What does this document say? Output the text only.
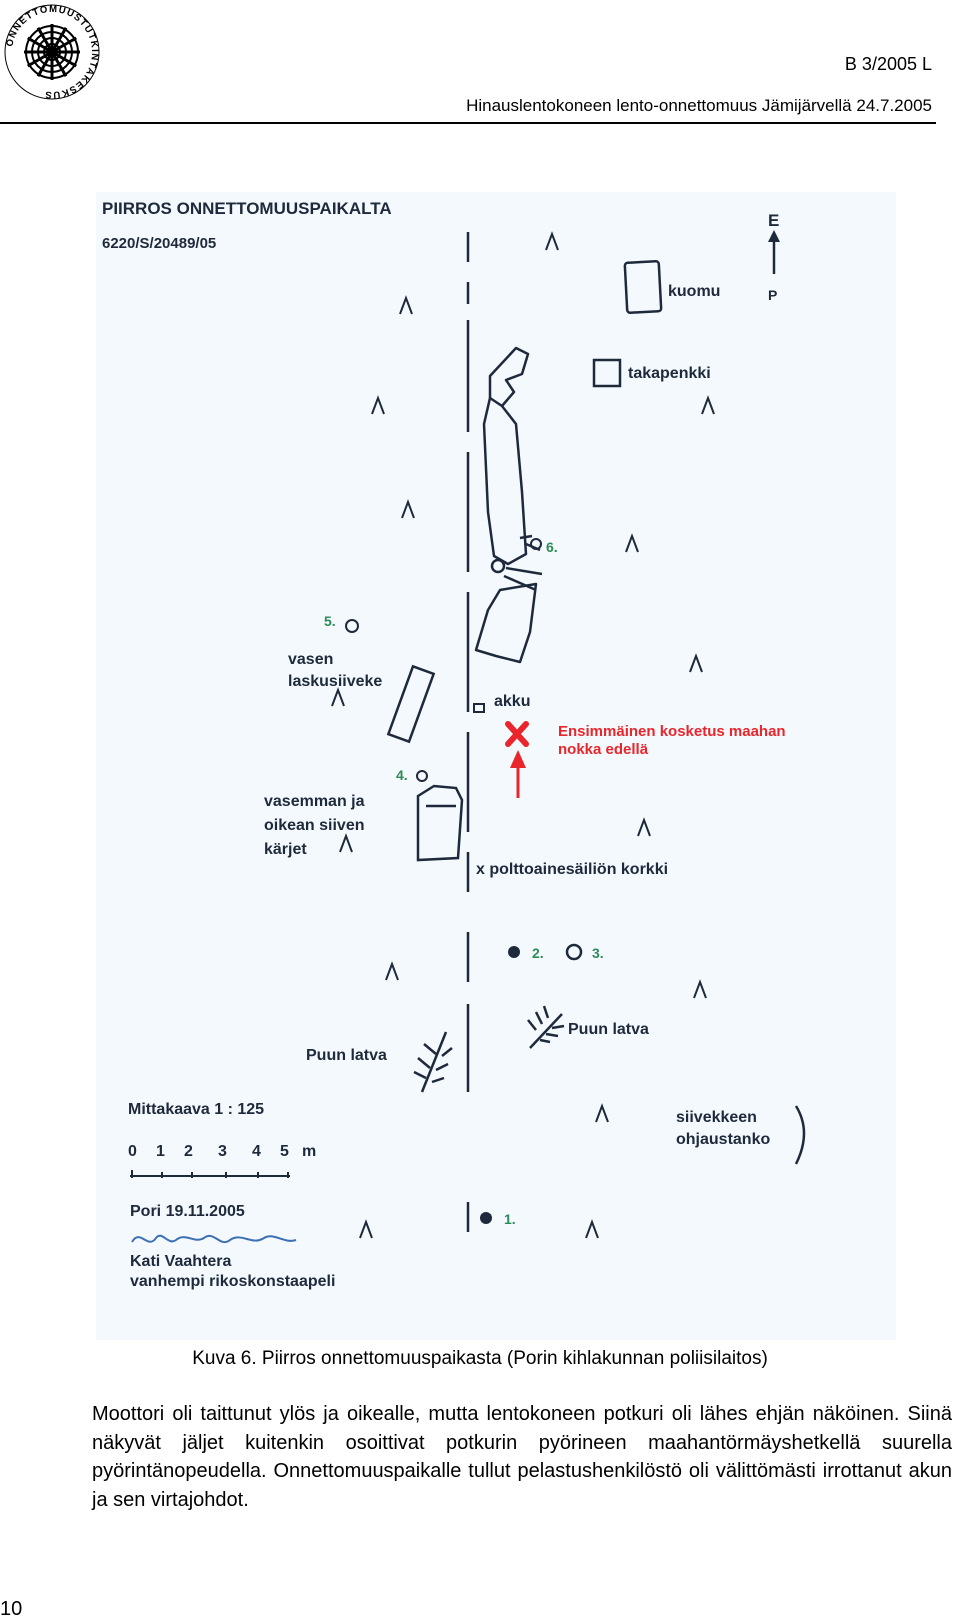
ONNETTOMUUSTUTKINTAKESKUS
B 3/2005 L
Hinauslentokoneen lento-onnettomuus Jämijärvellä 24.7.2005
PIIRROS ONNETTOMUUSPAIKALTA
6220/S/20489/05
E
P
kuomu
takapenkki
6.
5.
vasen
laskusiiveke
akku
Ensimmäinen kosketus maahan
nokka edellä
4.
vasemman ja
oikean siiven
kärjet
x polttoainesäiliön korkki
2.	3.
Puun latva
Puun latva
Mittakaava 1 : 125
0 1 2 3 4 5 m
siivekkeen
ohjaustanko
Pori 19.11.2005	1.
Kati Vaahtera
vanhempi rikoskonstaapeli
Kuva 6. Piirros onnettomuuspaikasta (Porin kihlakunnan poliisilaitos)
Moottori oli taittunut ylös ja oikealle, mutta lentokoneen potkuri oli lähes ehjän näköinen. Siinä näkyvät jäljet kuitenkin osoittivat potkurin pyörineen maahantörmäyshetkellä suurella pyörintänopeudella. Onnettomuuspaikalle tullut pelastushenkilöstö oli välittömästi irrottanut akun ja sen virtajohdot.
10
